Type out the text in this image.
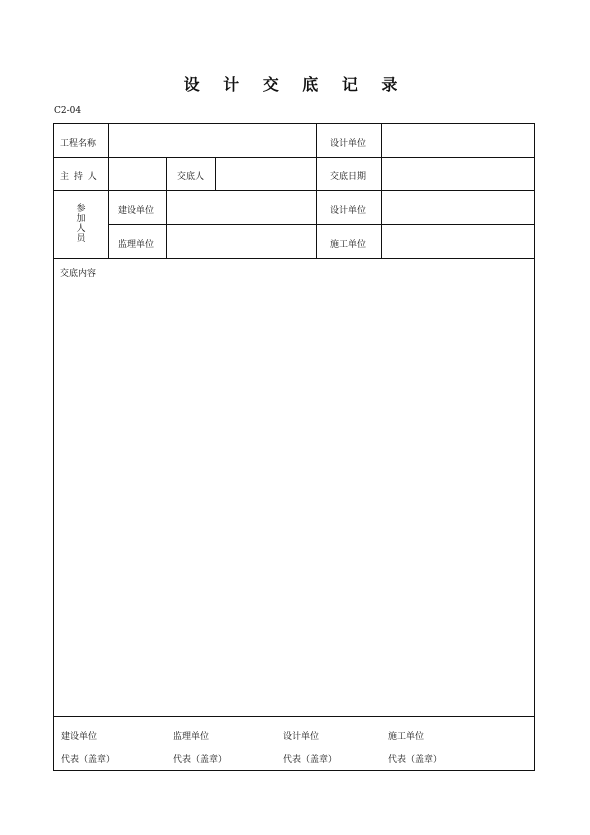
设 计 交 底 记 录
C2-04
工程名称	设计单位
主 持 人	交底人	交底日期
参加人员
建设单位	设计单位
监理单位	施工单位
交底内容
建设单位	监理单位	设计单位	施工单位
代表（盖章）	代表（盖章）	代表（盖章）	代表（盖章）
